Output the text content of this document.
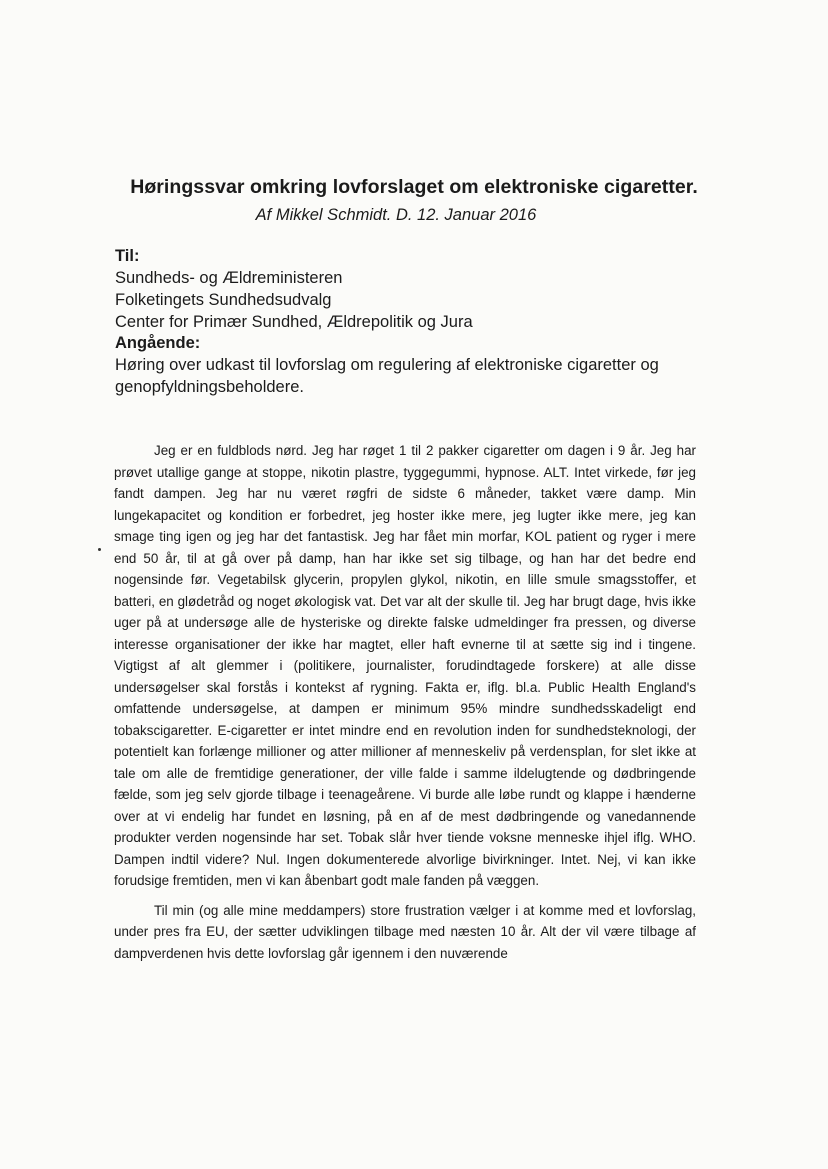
Høringssvar omkring lovforslaget om elektroniske cigaretter.
Af Mikkel Schmidt. D. 12. Januar 2016
Til:
Sundheds- og Ældreministeren
Folketingets Sundhedsudvalg
Center for Primær Sundhed, Ældrepolitik og Jura
Angående:
Høring over udkast til lovforslag om regulering af elektroniske cigaretter og
genopfyldningsbeholdere.

Jeg er en fuldblods nørd. Jeg har røget 1 til 2 pakker cigaretter om dagen i 9 år. Jeg har prøvet utallige gange at stoppe, nikotin plastre, tyggegummi, hypnose. ALT. Intet virkede, før jeg fandt dampen. Jeg har nu været røgfri de sidste 6 måneder, takket være damp. Min lungekapacitet og kondition er forbedret, jeg hoster ikke mere, jeg lugter ikke mere, jeg kan smage ting igen og jeg har det fantastisk. Jeg har fået min morfar, KOL patient og ryger i mere end 50 år, til at gå over på damp, han har ikke set sig tilbage, og han har det bedre end nogensinde før. Vegetabilsk glycerin, propylen glykol, nikotin, en lille smule smagsstoffer, et batteri, en glødetråd og noget økologisk vat. Det var alt der skulle til. Jeg har brugt dage, hvis ikke uger på at undersøge alle de hysteriske og direkte falske udmeldinger fra pressen, og diverse interesse organisationer der ikke har magtet, eller haft evnerne til at sætte sig ind i tingene. Vigtigst af alt glemmer i (politikere, journalister, forudindtagede forskere) at alle disse undersøgelser skal forstås i kontekst af rygning. Fakta er, iflg. bl.a. Public Health England's omfattende undersøgelse, at dampen er minimum 95% mindre sundhedsskadeligt end tobakscigaretter. E-cigaretter er intet mindre end en revolution inden for sundhedsteknologi, der potentielt kan forlænge millioner og atter millioner af menneskeliv på verdensplan, for slet ikke at tale om alle de fremtidige generationer, der ville falde i samme ildelugtende og dødbringende fælde, som jeg selv gjorde tilbage i teenageårene. Vi burde alle løbe rundt og klappe i hænderne over at vi endelig har fundet en løsning, på en af de mest dødbringende og vanedannende produkter verden nogensinde har set. Tobak slår hver tiende voksne menneske ihjel iflg. WHO. Dampen indtil videre? Nul. Ingen dokumenterede alvorlige bivirkninger. Intet. Nej, vi kan ikke forudsige fremtiden, men vi kan åbenbart godt male fanden på væggen.

Til min (og alle mine meddampers) store frustration vælger i at komme med et lovforslag, under pres fra EU, der sætter udviklingen tilbage med næsten 10 år. Alt der vil være tilbage af dampverdenen hvis dette lovforslag går igennem i den nuværende
